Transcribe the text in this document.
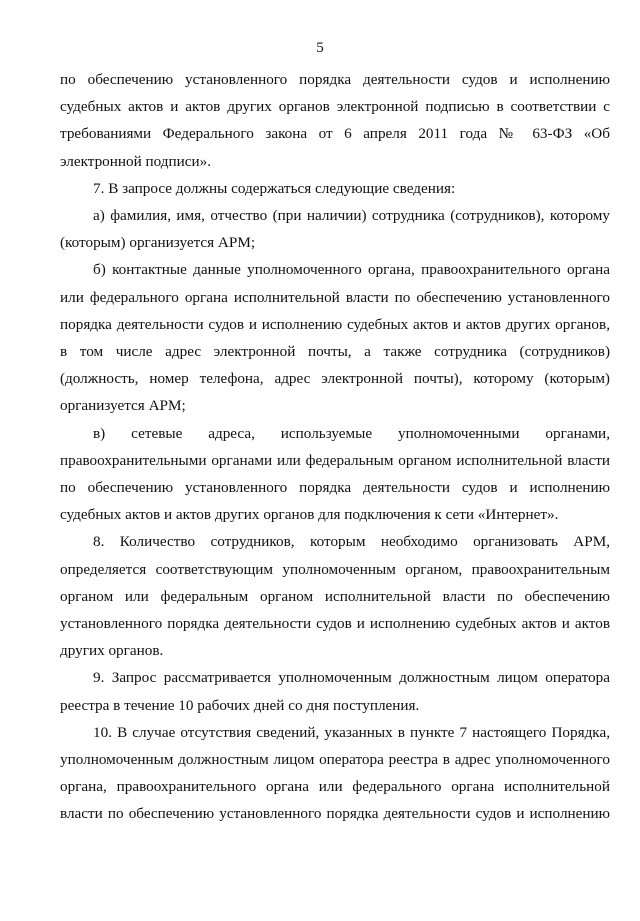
5

по обеспечению установленного порядка деятельности судов и исполнению судебных актов и актов других органов электронной подписью в соответствии с требованиями Федерального закона от 6 апреля 2011 года № 63-ФЗ «Об электронной подписи».

7. В запросе должны содержаться следующие сведения:

а) фамилия, имя, отчество (при наличии) сотрудника (сотрудников), которому (которым) организуется АРМ;

б) контактные данные уполномоченного органа, правоохранительного органа или федерального органа исполнительной власти по обеспечению установленного порядка деятельности судов и исполнению судебных актов и актов других органов, в том числе адрес электронной почты, а также сотрудника (сотрудников) (должность, номер телефона, адрес электронной почты), которому (которым) организуется АРМ;

в) сетевые адреса, используемые уполномоченными органами, правоохранительными органами или федеральным органом исполнительной власти по обеспечению установленного порядка деятельности судов и исполнению судебных актов и актов других органов для подключения к сети «Интернет».

8. Количество сотрудников, которым необходимо организовать АРМ, определяется соответствующим уполномоченным органом, правоохранительным органом или федеральным органом исполнительной власти по обеспечению установленного порядка деятельности судов и исполнению судебных актов и актов других органов.

9. Запрос рассматривается уполномоченным должностным лицом оператора реестра в течение 10 рабочих дней со дня поступления.

10. В случае отсутствия сведений, указанных в пункте 7 настоящего Порядка, уполномоченным должностным лицом оператора реестра в адрес уполномоченного органа, правоохранительного органа или федерального органа исполнительной власти по обеспечению установленного порядка деятельности судов и исполнению
